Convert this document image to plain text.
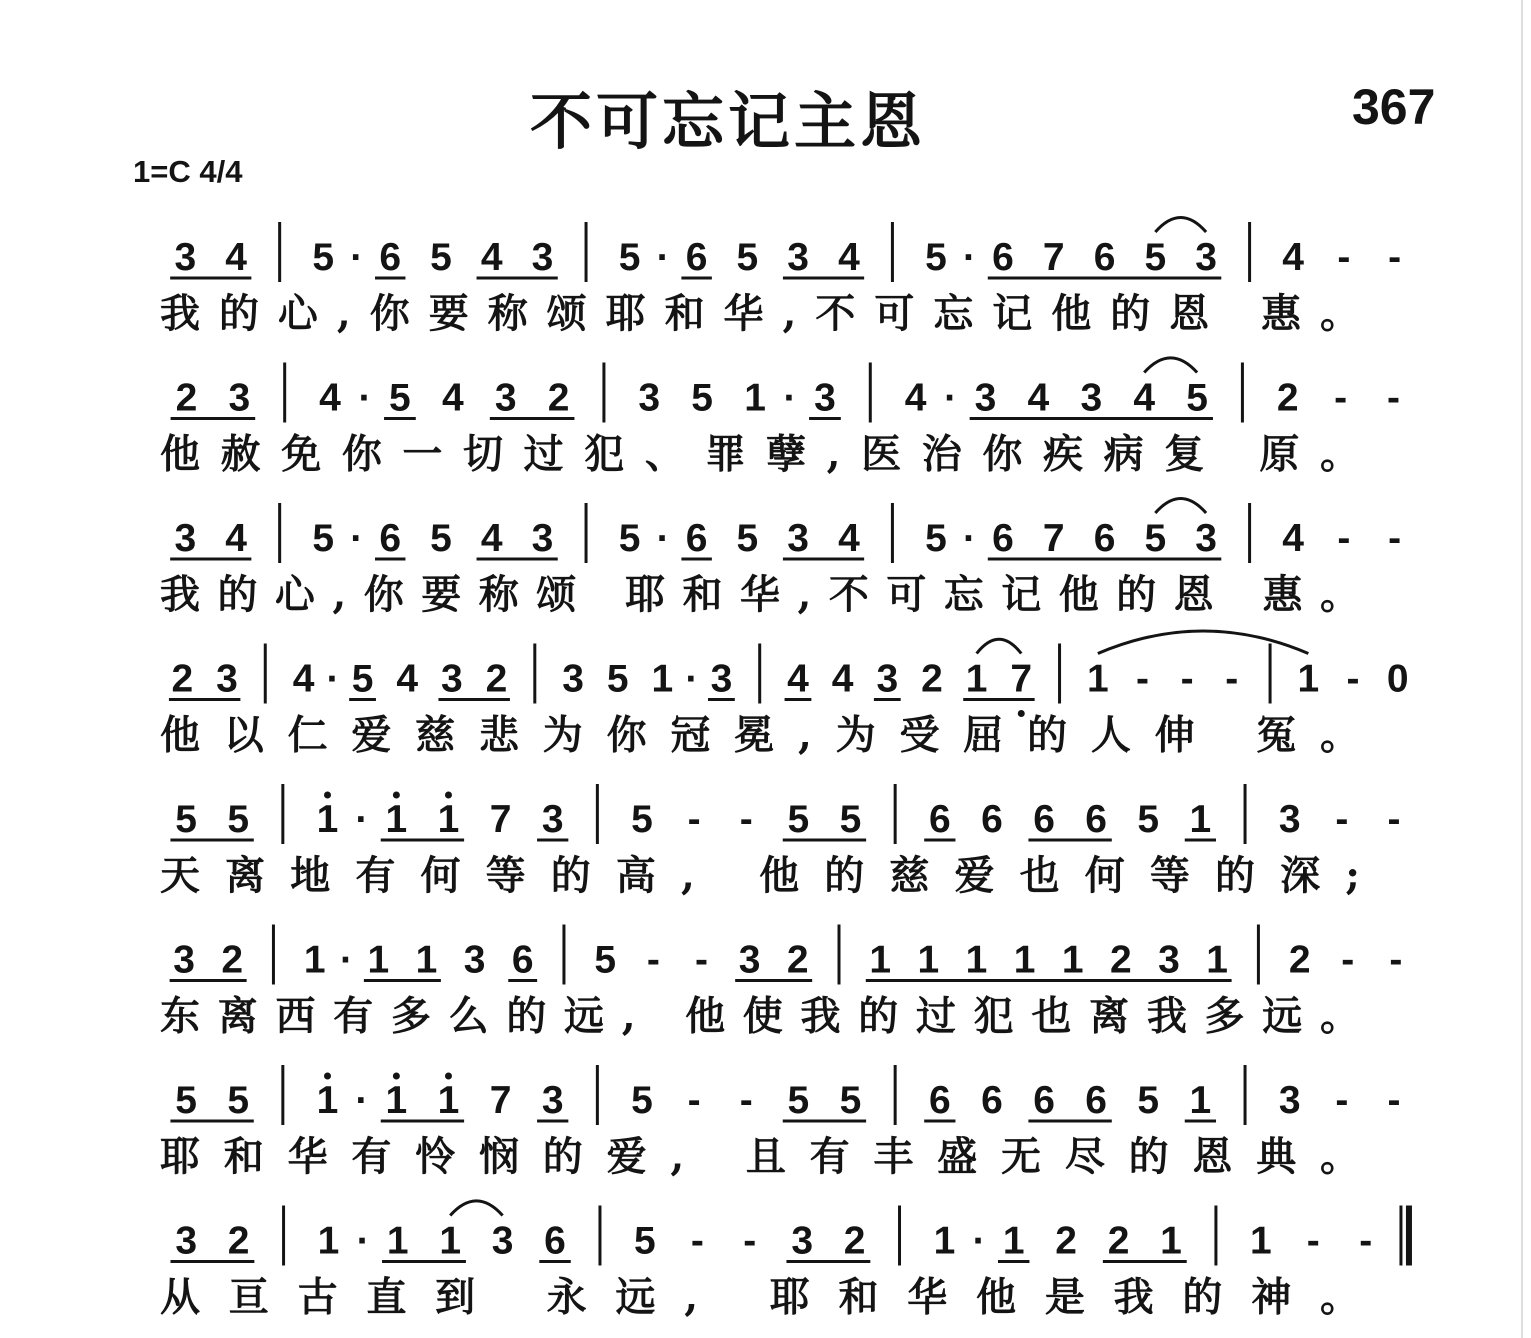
不可忘记主恩	367
1=C 4/4
3 4 5 · 6 5 4 3 5 · 6 5 3 4 5 · 6 7 6 5 3 4 - -
我的心,你要称颂耶和华,不可忘记他的恩 惠。
2 3 4 · 5 4 3 2 3 5 1 · 3 4 · 3 4 3 4 5 2 - -
他赦免你一切过犯、罪孽,医治你疾病复 原。
3 4 5 · 6 5 4 3 5 · 6 5 3 4 5 · 6 7 6 5 3 4 - -
我的心,你要称颂 耶和华,不可忘记他的恩 惠。
2 3 4 · 5 4 3 2 3 5 1 · 3 4 4 3 2 1 7 1 - - - 1 - 0
他以仁爱慈悲为你冠冕,为受屈的人伸 冤。
5 5 1 · 1 1 7 3 5 - - 5 5 6 6 6 6 5 1 3 - -
天离地有何等的高, 他的慈爱也何等的深;
3 2 1 · 1 1 3 6 5 - - 3 2 1 1 1 1 1 2 3 1 2 - -
东离西有多么的远, 他使我的过犯也离我多远。
5 5 1 · 1 1 7 3 5 - - 5 5 6 6 6 6 5 1 3 - -
耶和华有怜悯的爱, 且有丰盛无尽的恩典。
3 2 1 · 1 1 3 6 5 - - 3 2 1 · 1 2 2 1 1 - -
从亘古直到 永远, 耶和华他是我的神。
